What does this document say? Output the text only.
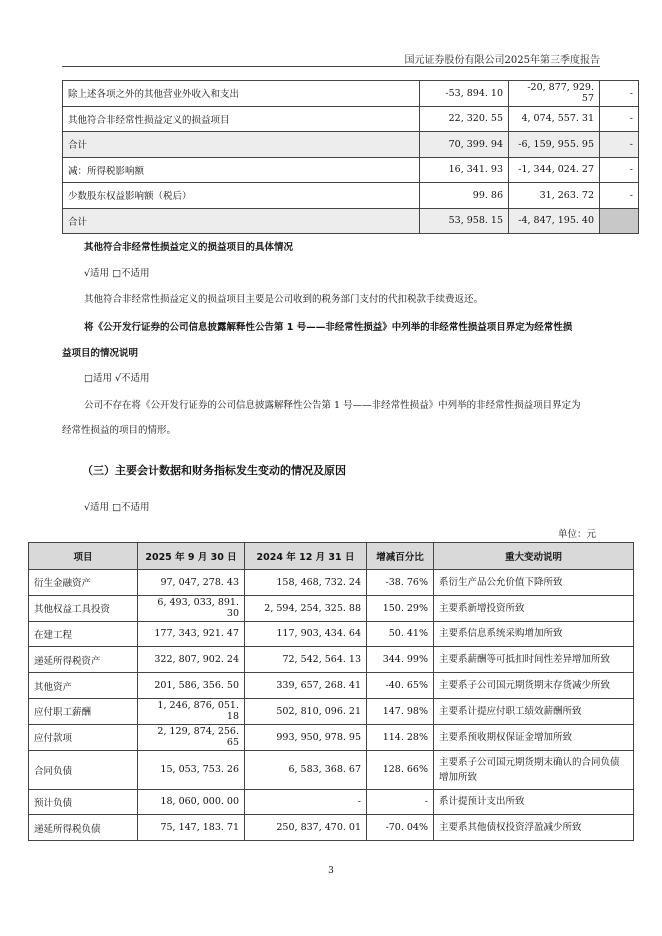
国元证券股份有限公司2025年第三季度报告
除上述各项之外的其他营业外收入和支出	-53, 894. 10	-20, 877, 929. 57	-
其他符合非经常性损益定义的损益项目	22, 320. 55	4, 074, 557. 31	-
合计	70, 399. 94	-6, 159, 955. 95	-
减：所得税影响额	16, 341. 93	-1, 344, 024. 27	-
少数股东权益影响额（税后）	99. 86	31, 263. 72	-
合计	53, 958. 15	-4, 847, 195. 40	
其他符合非经常性损益定义的损益项目的具体情况
√适用 □不适用
其他符合非经常性损益定义的损益项目主要是公司收到的税务部门支付的代扣税款手续费返还。
将《公开发行证券的公司信息披露解释性公告第 1 号——非经常性损益》中列举的非经常性损益项目界定为经常性损
益项目的情况说明
□适用 √不适用
公司不存在将《公开发行证券的公司信息披露解释性公告第 1 号——非经常性损益》中列举的非经常性损益项目界定为
经常性损益的项目的情形。
（三）主要会计数据和财务指标发生变动的情况及原因
√适用 □不适用
单位：元
项目	2025 年 9 月 30 日	2024 年 12 月 31 日	增减百分比	重大变动说明
衍生金融资产	97, 047, 278. 43	158, 468, 732. 24	-38. 76%	系衍生产品公允价值下降所致
其他权益工具投资	6, 493, 033, 891. 30	2, 594, 254, 325. 88	150. 29%	主要系新增投资所致
在建工程	177, 343, 921. 47	117, 903, 434. 64	50. 41%	主要系信息系统采购增加所致
递延所得税资产	322, 807, 902. 24	72, 542, 564. 13	344. 99%	主要系薪酬等可抵扣时间性差异增加所致
其他资产	201, 586, 356. 50	339, 657, 268. 41	-40. 65%	主要系子公司国元期货期末存货减少所致
应付职工薪酬	1, 246, 876, 051. 18	502, 810, 096. 21	147. 98%	主要系计提应付职工绩效薪酬所致
应付款项	2, 129, 874, 256. 65	993, 950, 978. 95	114. 28%	主要系预收期权保证金增加所致
合同负债	15, 053, 753. 26	6, 583, 368. 67	128. 66%	主要系子公司国元期货期末确认的合同负债增加所致
预计负债	18, 060, 000. 00	-	-	系计提预计支出所致
递延所得税负债	75, 147, 183. 71	250, 837, 470. 01	-70. 04%	主要系其他债权投资浮盈减少所致
3
